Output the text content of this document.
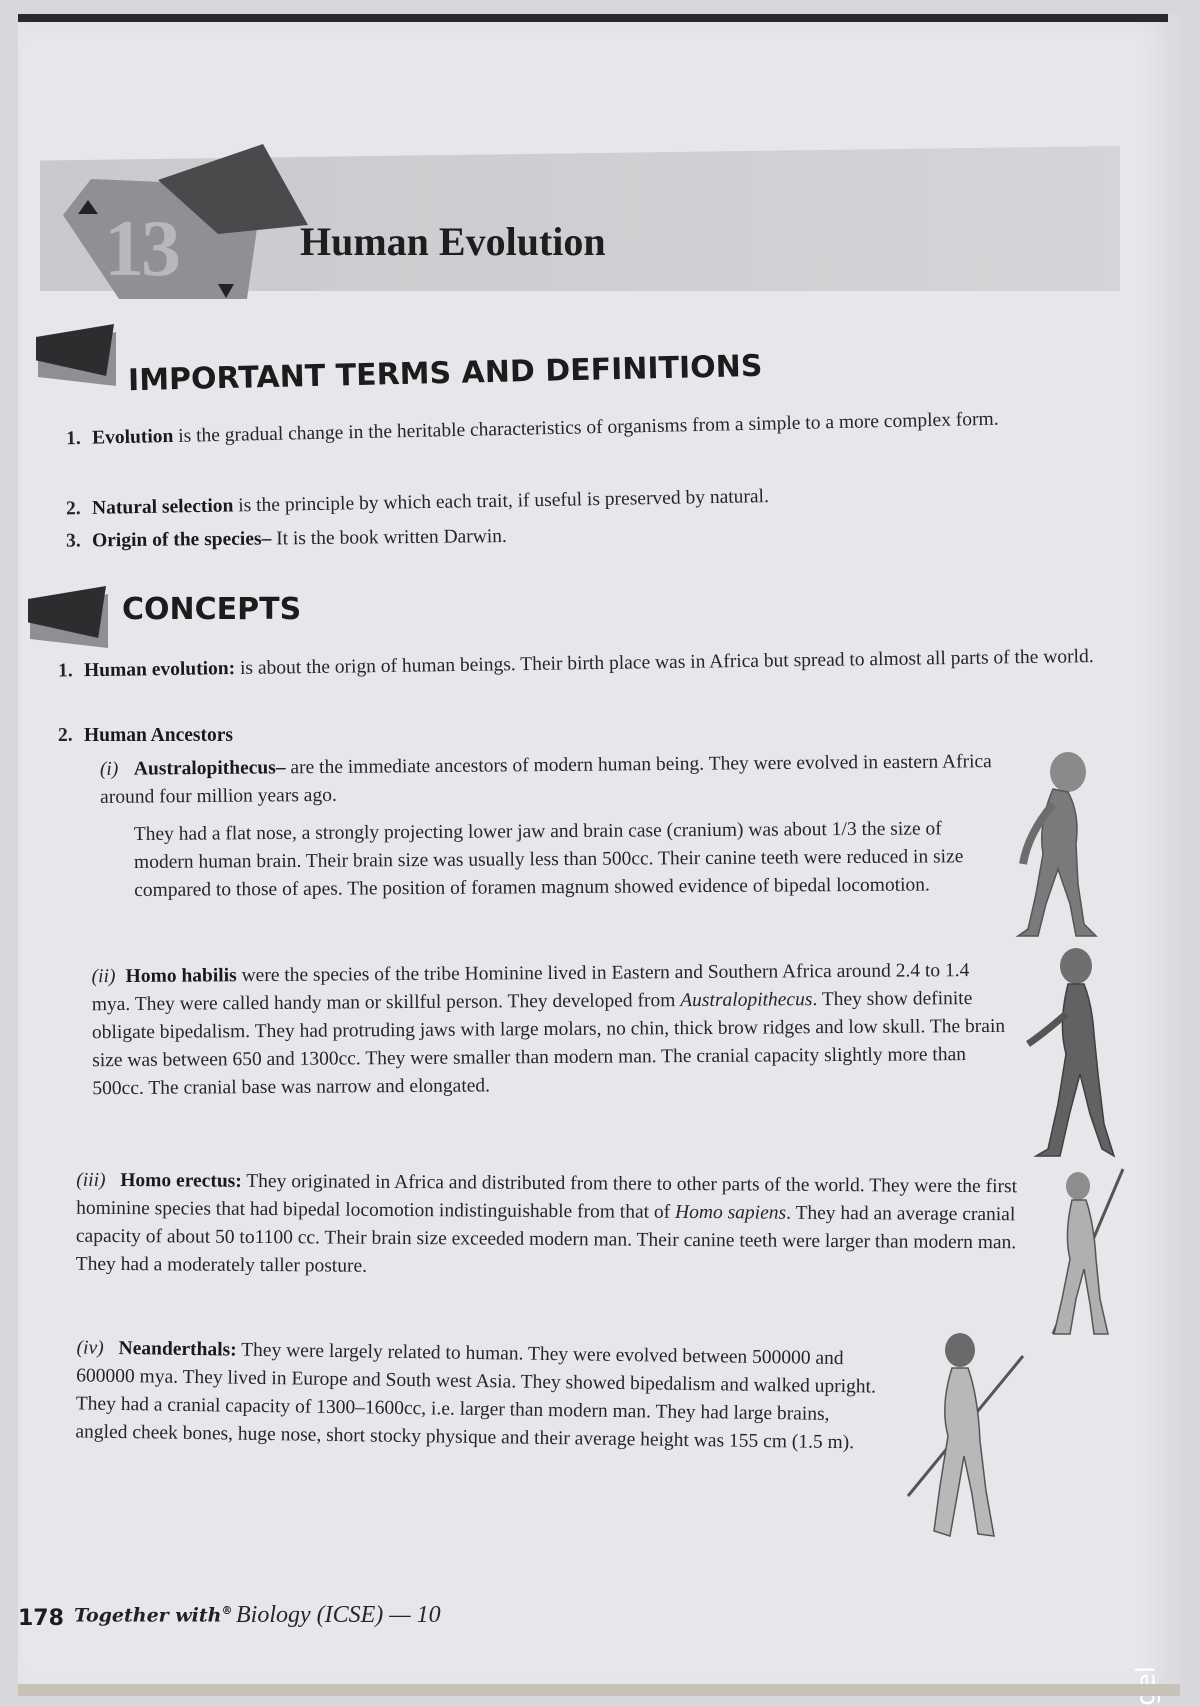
13	Human Evolution
IMPORTANT TERMS AND DEFINITIONS
1. Evolution is the gradual change in the heritable characteristics of organisms from a simple to a more complex form.
2. Natural selection is the principle by which each trait, if useful is preserved by natural.
3. Origin of the species– It is the book written Darwin.
CONCEPTS
1. Human evolution: is about the orign of human beings. Their birth place was in Africa but spread to almost all parts of the world.
2. Human Ancestors
(i) Australopithecus– are the immediate ancestors of modern human being. They were evolved in eastern Africa around four million years ago.
They had a flat nose, a strongly projecting lower jaw and brain case (cranium) was about 1/3 the size of modern human brain. Their brain size was usually less than 500cc. Their canine teeth were reduced in size compared to those of apes. The position of foramen magnum showed evidence of bipedal locomotion.
(ii) Homo habilis were the species of the tribe Hominine lived in Eastern and Southern Africa around 2.4 to 1.4 mya. They were called handy man or skillful person. They developed from Australopithecus. They show definite obligate bipedalism. They had protruding jaws with large molars, no chin, thick brow ridges and low skull. The brain size was between 650 and 1300cc. They were smaller than modern man. The cranial capacity slightly more than 500cc. The cranial base was narrow and elongated.
(iii) Homo erectus: They originated in Africa and distributed from there to other parts of the world. They were the first hominine species that had bipedal locomotion indistinguishable from that of Homo sapiens. They had an average cranial capacity of about 50 to1100 cc. Their brain size exceeded modern man. Their canine teeth were larger than modern man. They had a moderately taller posture.
(iv) Neanderthals: They were largely related to human. They were evolved between 500000 and 600000 mya. They lived in Europe and South west Asia. They showed bipedalism and walked upright. They had a cranial capacity of 1300–1600cc, i.e. larger than modern man. They had large brains, angled cheek bones, huge nose, short stocky physique and their average height was 155 cm (1.5 m).
178 Together with® Biology (ICSE) — 10
